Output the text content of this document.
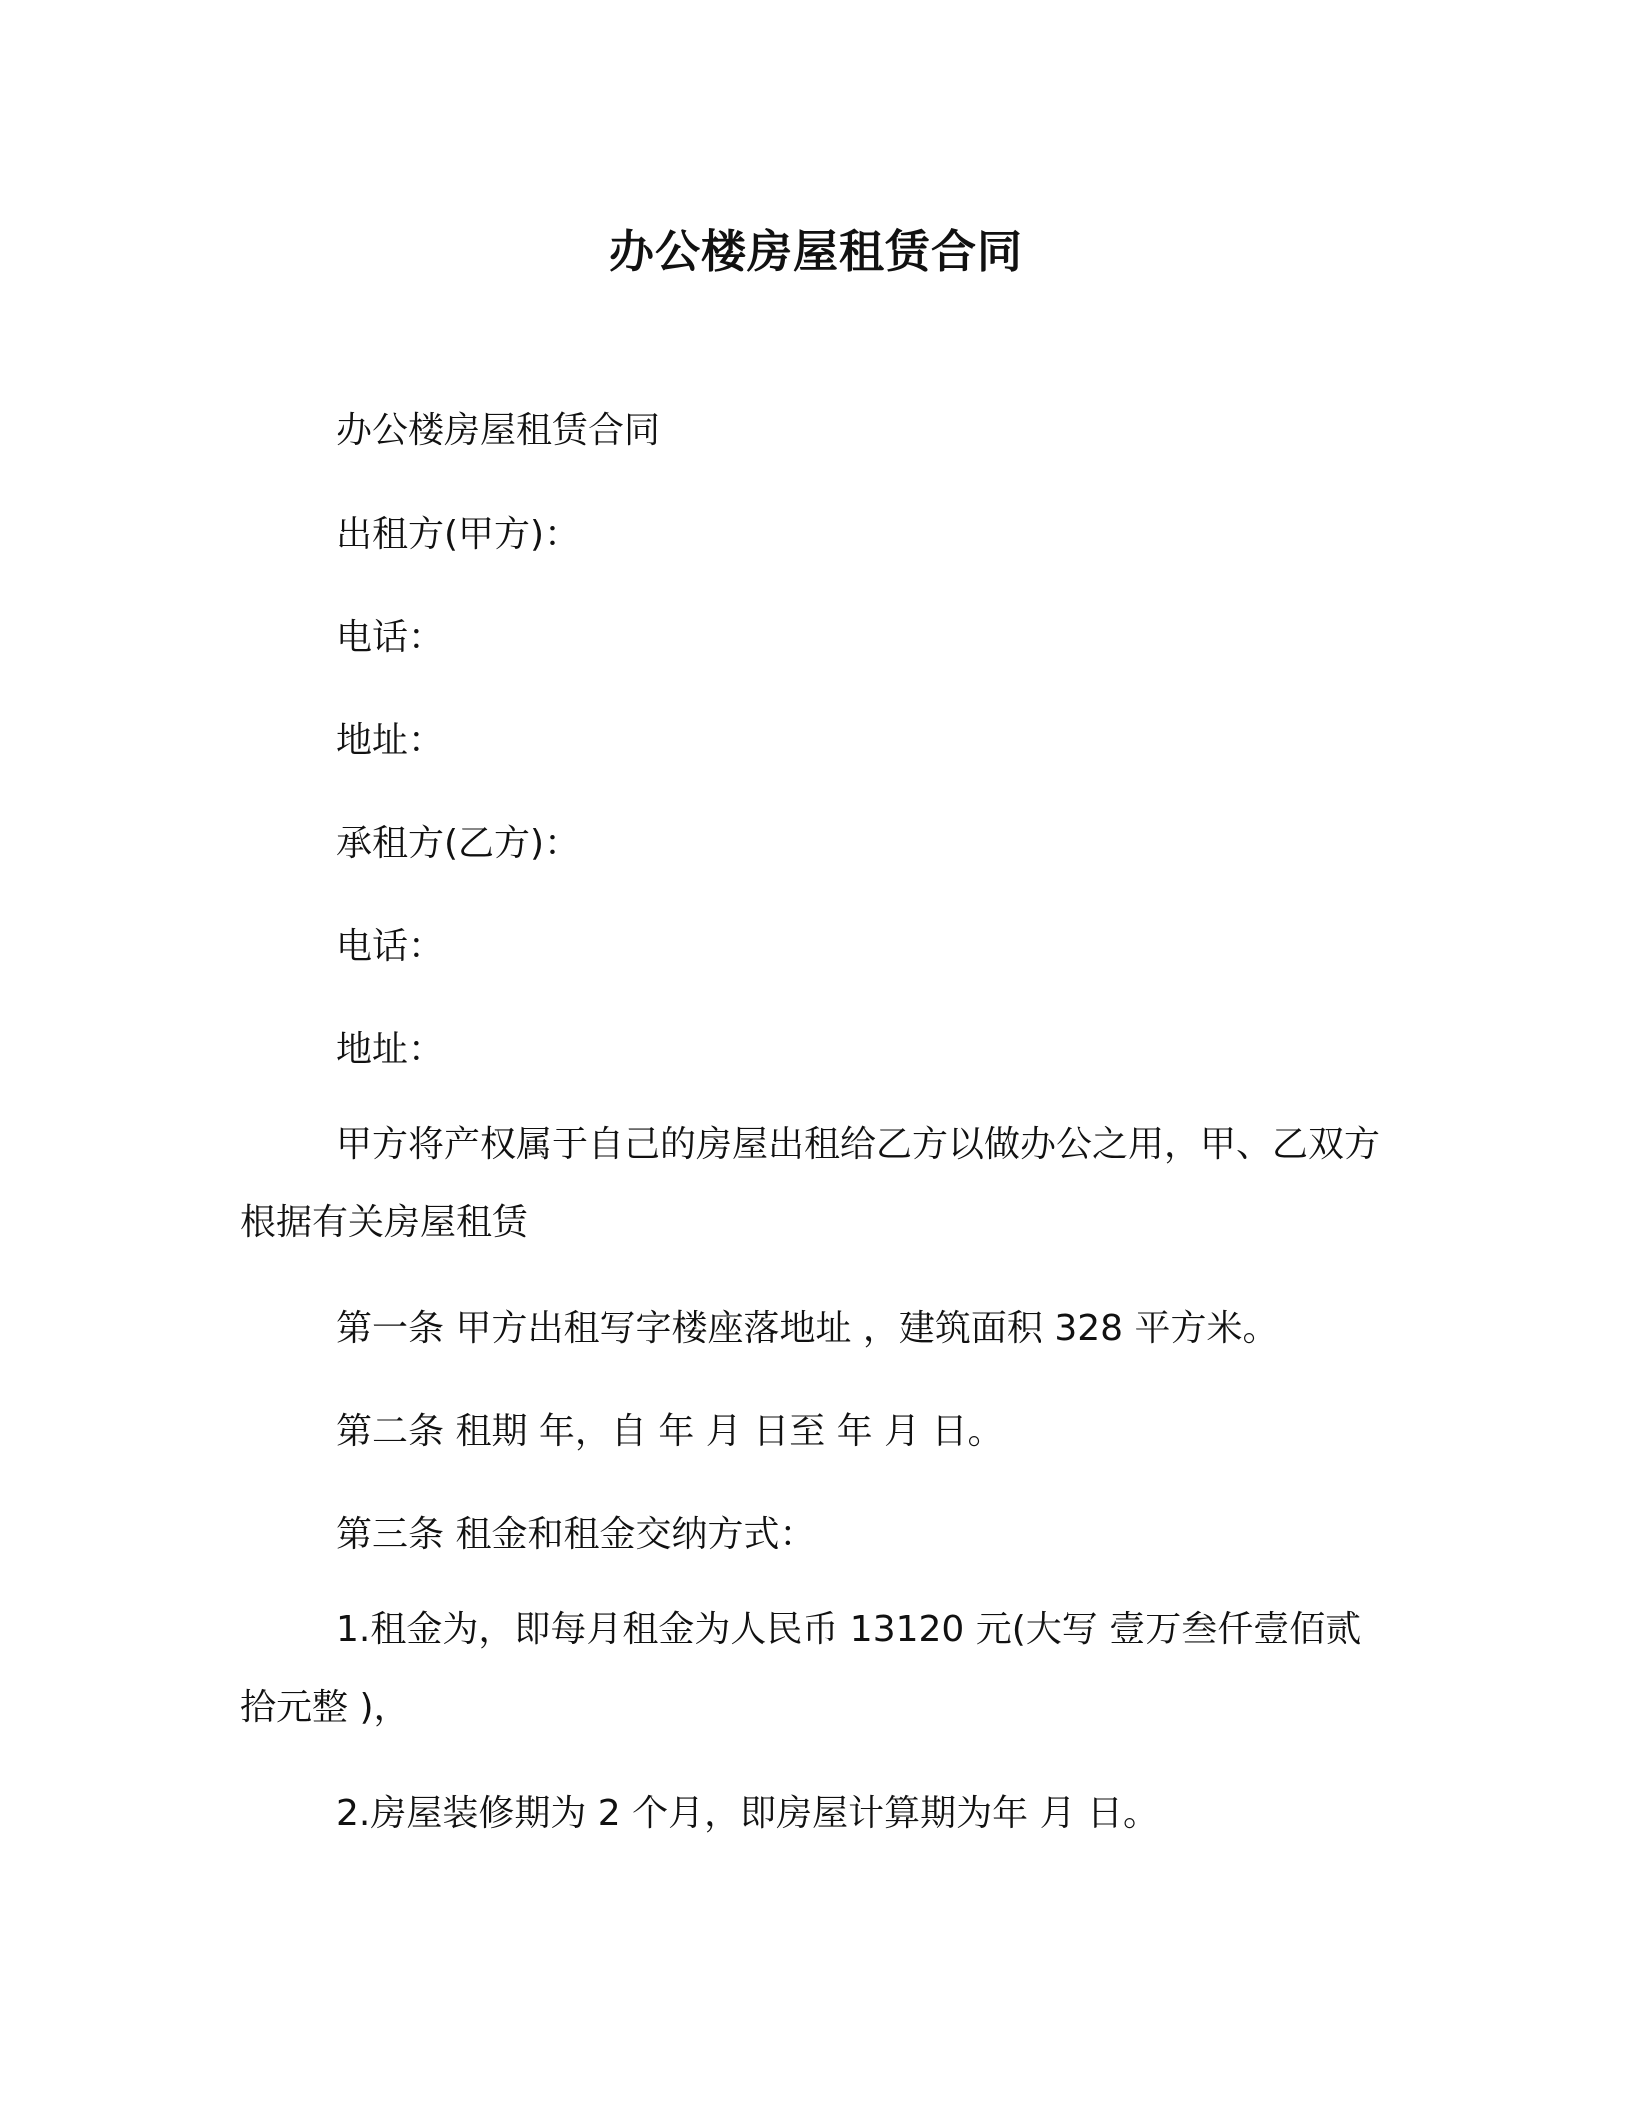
办公楼房屋租赁合同

办公楼房屋租赁合同

出租方(甲方)：

电话：

地址：

承租方(乙方)：

电话：

地址：

甲方将产权属于自己的房屋出租给乙方以做办公之用，甲、乙双方根据有关房屋租赁

第一条 甲方出租写字楼座落地址 ，建筑面积 328 平方米。

第二条 租期 年，自 年 月 日至 年 月 日。

第三条 租金和租金交纳方式：

1.租金为，即每月租金为人民币 13120 元(大写 壹万叁仟壹佰贰拾元整 )，

2.房屋装修期为 2 个月，即房屋计算期为年 月 日。
